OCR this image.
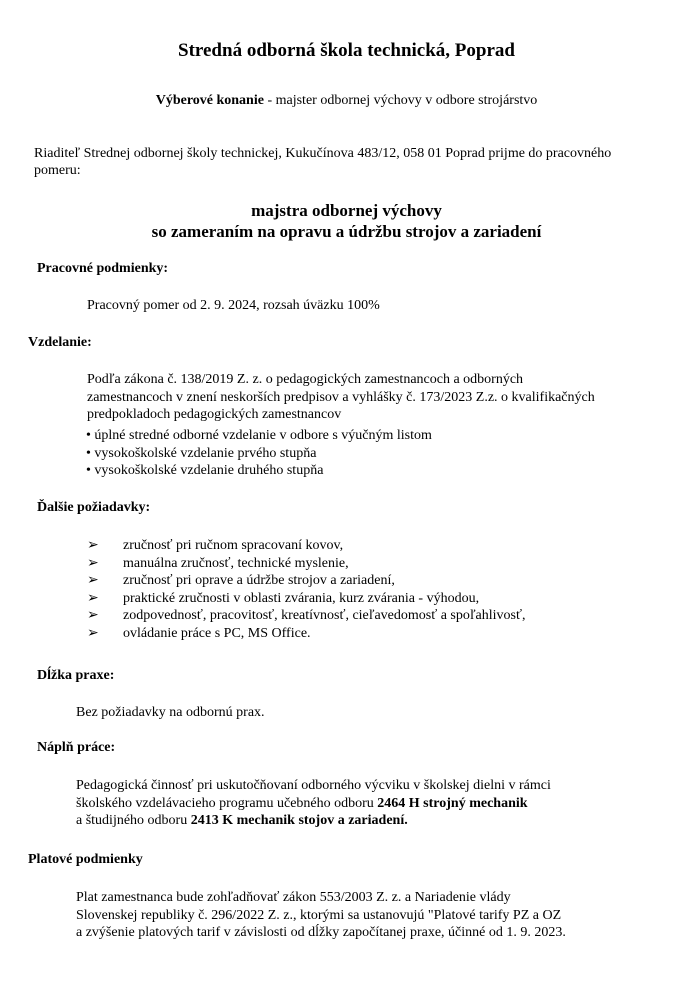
Stredná odborná škola technická, Poprad

Výberové konanie - majster odbornej výchovy v odbore strojárstvo

Riaditeľ Strednej odbornej školy technickej, Kukučínova 483/12, 058 01 Poprad prijme do pracovného pomeru:

majstra odbornej výchovy
so zameraním na opravu a údržbu strojov a zariadení

Pracovné podmienky:

Pracovný pomer od 2. 9. 2024, rozsah úväzku 100%

Vzdelanie:

Podľa zákona č. 138/2019 Z. z. o pedagogických zamestnancoch a odborných zamestnancoch v znení neskorších predpisov a vyhlášky č. 173/2023 Z.z. o kvalifikačných predpokladoch pedagogických zamestnancov

• úplné stredné odborné vzdelanie v odbore s výučným listom
• vysokoškolské vzdelanie prvého stupňa
• vysokoškolské vzdelanie druhého stupňa

Ďalšie požiadavky:

➢ zručnosť pri ručnom spracovaní kovov,
➢ manuálna zručnosť, technické myslenie,
➢ zručnosť pri oprave a údržbe strojov a zariadení,
➢ praktické zručnosti v oblasti zvárania, kurz zvárania - výhodou,
➢ zodpovednosť, pracovitosť, kreatívnosť, cieľavedomosť a spoľahlivosť,
➢ ovládanie práce s PC, MS Office.

Dĺžka praxe:

Bez požiadavky na odbornú prax.

Náplň práce:

Pedagogická činnosť pri uskutočňovaní odborného výcviku v školskej dielni v rámci
školského vzdelávacieho programu učebného odboru 2464 H strojný mechanik
a študijného odboru 2413 K mechanik stojov a zariadení.

Platové podmienky

Plat zamestnanca bude zohľadňovať zákon 553/2003 Z. z. a Nariadenie vlády
Slovenskej republiky č. 296/2022 Z. z., ktorými sa ustanovujú "Platové tarify PZ a OZ
a zvýšenie platových tarif v závislosti od dĺžky započítanej praxe, účinné od 1. 9. 2023.
